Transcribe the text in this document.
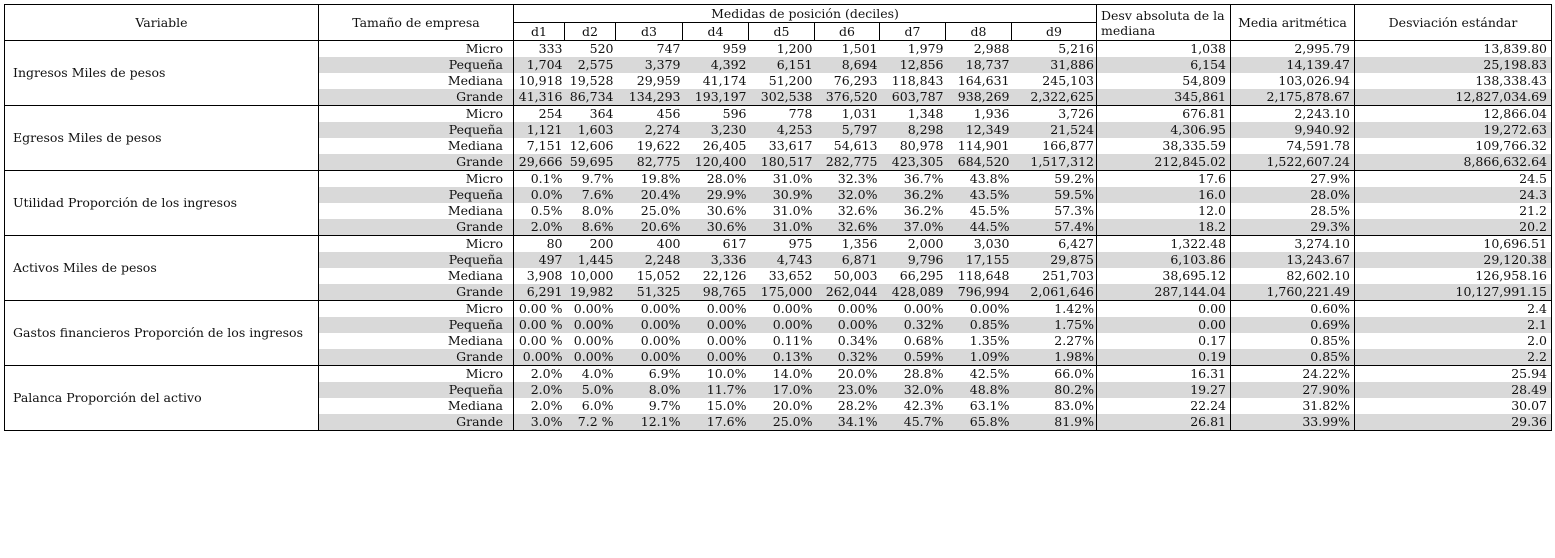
Variable	Tamaño de empresa	Medidas de posición (deciles)									Desv absoluta de la mediana	Media aritmética	Desviación estándar
		d1	d2	d3	d4	d5	d6	d7	d8	d9			
Ingresos Miles de pesos	Micro	333	520	747	959	1,200	1,501	1,979	2,988	5,216	1,038	2,995.79	13,839.80
	Pequeña	1,704	2,575	3,379	4,392	6,151	8,694	12,856	18,737	31,886	6,154	14,139.47	25,198.83
	Mediana	10,918	19,528	29,959	41,174	51,200	76,293	118,843	164,631	245,103	54,809	103,026.94	138,338.43
	Grande	41,316	86,734	134,293	193,197	302,538	376,520	603,787	938,269	2,322,625	345,861	2,175,878.67	12,827,034.69
Egresos Miles de pesos	Micro	254	364	456	596	778	1,031	1,348	1,936	3,726	676.81	2,243.10	12,866.04
	Pequeña	1,121	1,603	2,274	3,230	4,253	5,797	8,298	12,349	21,524	4,306.95	9,940.92	19,272.63
	Mediana	7,151	12,606	19,622	26,405	33,617	54,613	80,978	114,901	166,877	38,335.59	74,591.78	109,766.32
	Grande	29,666	59,695	82,775	120,400	180,517	282,775	423,305	684,520	1,517,312	212,845.02	1,522,607.24	8,866,632.64
Utilidad Proporción de los ingresos	Micro	0.1%	9.7%	19.8%	28.0%	31.0%	32.3%	36.7%	43.8%	59.2%	17.6	27.9%	24.5
	Pequeña	0.0%	7.6%	20.4%	29.9%	30.9%	32.0%	36.2%	43.5%	59.5%	16.0	28.0%	24.3
	Mediana	0.5%	8.0%	25.0%	30.6%	31.0%	32.6%	36.2%	45.5%	57.3%	12.0	28.5%	21.2
	Grande	2.0%	8.6%	20.6%	30.6%	31.0%	32.6%	37.0%	44.5%	57.4%	18.2	29.3%	20.2
Activos Miles de pesos	Micro	80	200	400	617	975	1,356	2,000	3,030	6,427	1,322.48	3,274.10	10,696.51
	Pequeña	497	1,445	2,248	3,336	4,743	6,871	9,796	17,155	29,875	6,103.86	13,243.67	29,120.38
	Mediana	3,908	10,000	15,052	22,126	33,652	50,003	66,295	118,648	251,703	38,695.12	82,602.10	126,958.16
	Grande	6,291	19,982	51,325	98,765	175,000	262,044	428,089	796,994	2,061,646	287,144.04	1,760,221.49	10,127,991.15
Gastos financieros Proporción de los ingresos	Micro	0.00 %	0.00%	0.00%	0.00%	0.00%	0.00%	0.00%	0.00%	1.42%	0.00	0.60%	2.4
	Pequeña	0.00 %	0.00%	0.00%	0.00%	0.00%	0.00%	0.32%	0.85%	1.75%	0.00	0.69%	2.1
	Mediana	0.00 %	0.00%	0.00%	0.00%	0.11%	0.34%	0.68%	1.35%	2.27%	0.17	0.85%	2.0
	Grande	0.00%	0.00%	0.00%	0.00%	0.13%	0.32%	0.59%	1.09%	1.98%	0.19	0.85%	2.2
Palanca Proporción del activo	Micro	2.0%	4.0%	6.9%	10.0%	14.0%	20.0%	28.8%	42.5%	66.0%	16.31	24.22%	25.94
	Pequeña	2.0%	5.0%	8.0%	11.7%	17.0%	23.0%	32.0%	48.8%	80.2%	19.27	27.90%	28.49
	Mediana	2.0%	6.0%	9.7%	15.0%	20.0%	28.2%	42.3%	63.1%	83.0%	22.24	31.82%	30.07
	Grande	3.0%	7.2 %	12.1%	17.6%	25.0%	34.1%	45.7%	65.8%	81.9%	26.81	33.99%	29.36
